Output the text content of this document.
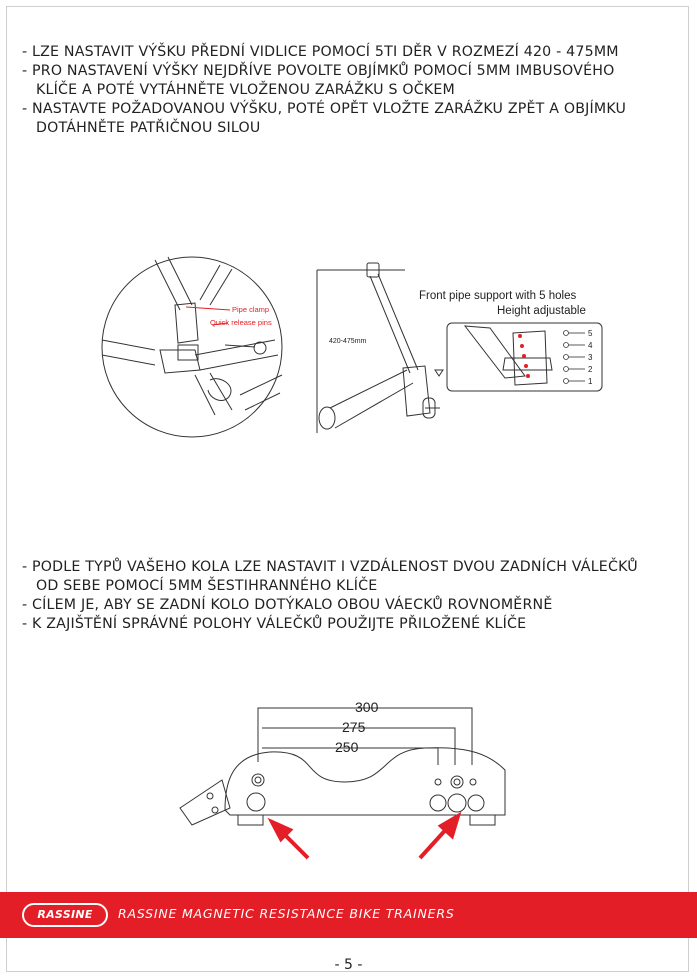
- LZE NASTAVIT VÝŠKU PŘEDNÍ VIDLICE POMOCÍ 5TI DĚR V ROZMEZÍ 420 - 475MM
- PRO NASTAVENÍ VÝŠKY NEJDŘÍVE POVOLTE OBJÍMKŮ POMOCÍ 5MM IMBUSOVÉHO
KLÍČE A POTÉ VYTÁHNĚTE VLOŽENOU ZARÁŽKU S OČKEM
- NASTAVTE POŽADOVANOU VÝŠKU, POTÉ OPĚT VLOŽTE ZARÁŽKU ZPĚT A OBJÍMKU
DOTÁHNĚTE PATŘIČNOU SILOU
Pipe clamp
Quick release pins
5
4
3
2
1
420-475mm
Front pipe support with 5 holes
Height adjustable
- PODLE TYPŮ VAŠEHO KOLA LZE NASTAVIT I VZDÁLENOST DVOU ZADNÍCH VÁLEČKŮ
OD SEBE POMOCÍ 5MM ŠESTIHRANNÉHO KLÍČE
- CÍLEM JE, ABY SE ZADNÍ KOLO DOTÝKALO OBOU VÁECKŮ ROVNOMĚRNĚ
- K ZAJIŠTĚNÍ SPRÁVNÉ POLOHY VÁLEČKŮ POUŽIJTE PŘILOŽENÉ KLÍČE
300
275
250
RASSINE	RASSINE MAGNETIC RESISTANCE BIKE TRAINERS
- 5 -
